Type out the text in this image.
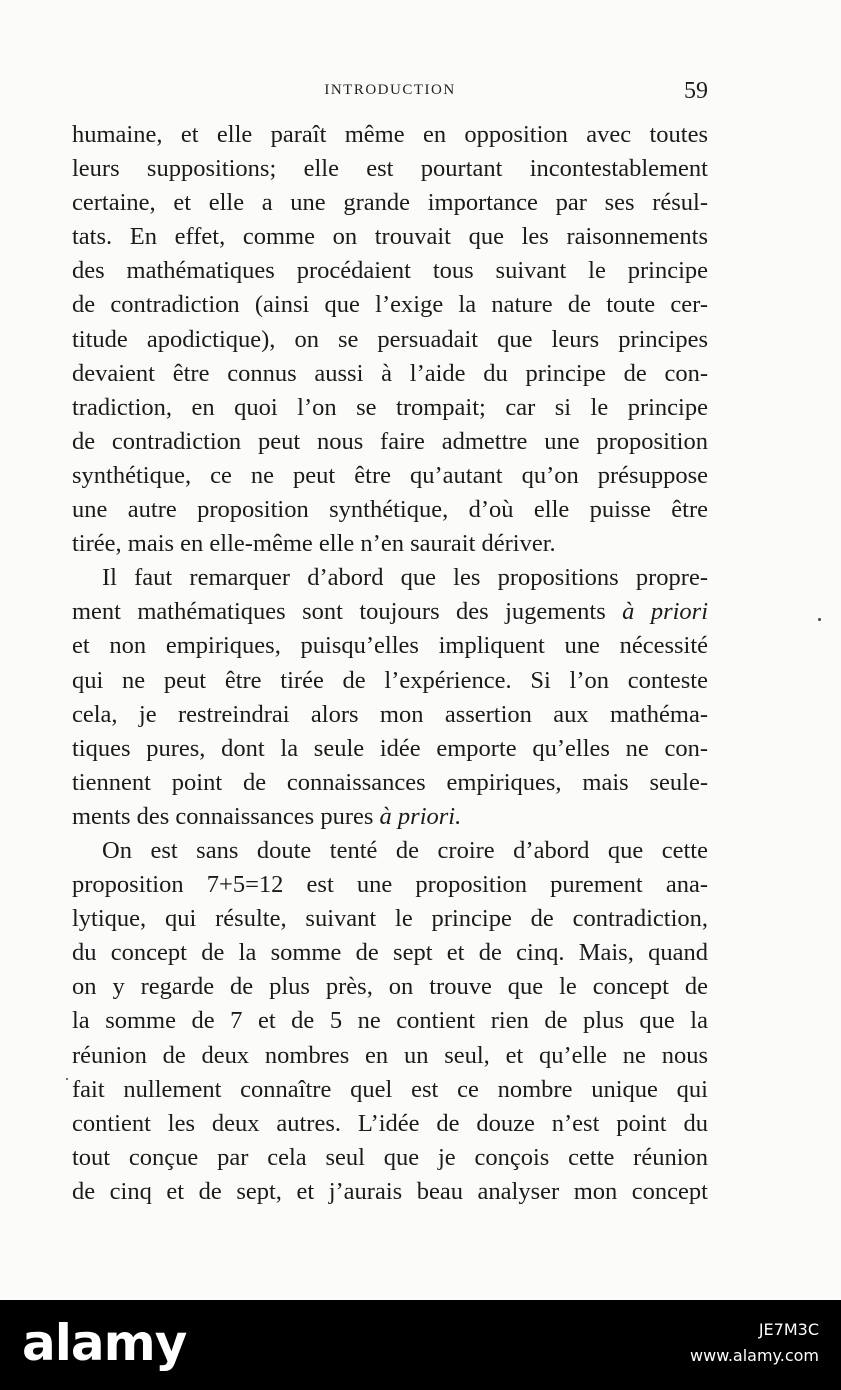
INTRODUCTION	59
humaine, et elle paraît même en opposition avec toutes
leurs suppositions; elle est pourtant incontestablement
certaine, et elle a une grande importance par ses résul-
tats. En effet, comme on trouvait que les raisonnements
des mathématiques procédaient tous suivant le principe
de contradiction (ainsi que l’exige la nature de toute cer-
titude apodictique), on se persuadait que leurs principes
devaient être connus aussi à l’aide du principe de con-
tradiction, en quoi l’on se trompait; car si le principe
de contradiction peut nous faire admettre une proposition
synthétique, ce ne peut être qu’autant qu’on présuppose
une autre proposition synthétique, d’où elle puisse être
tirée, mais en elle-même elle n’en saurait dériver.
Il faut remarquer d’abord que les propositions propre-
ment mathématiques sont toujours des jugements à priori
et non empiriques, puisqu’elles impliquent une nécessité
qui ne peut être tirée de l’expérience. Si l’on conteste
cela, je restreindrai alors mon assertion aux mathéma-
tiques pures, dont la seule idée emporte qu’elles ne con-
tiennent point de connaissances empiriques, mais seule-
ments des connaissances pures à priori.
On est sans doute tenté de croire d’abord que cette
proposition 7+5=12 est une proposition purement ana-
lytique, qui résulte, suivant le principe de contradiction,
du concept de la somme de sept et de cinq. Mais, quand
on y regarde de plus près, on trouve que le concept de
la somme de 7 et de 5 ne contient rien de plus que la
réunion de deux nombres en un seul, et qu’elle ne nous
fait nullement connaître quel est ce nombre unique qui
contient les deux autres. L’idée de douze n’est point du
tout conçue par cela seul que je conçois cette réunion
de cinq et de sept, et j’aurais beau analyser mon concept
alamy	JE7M3C
www.alamy.com
